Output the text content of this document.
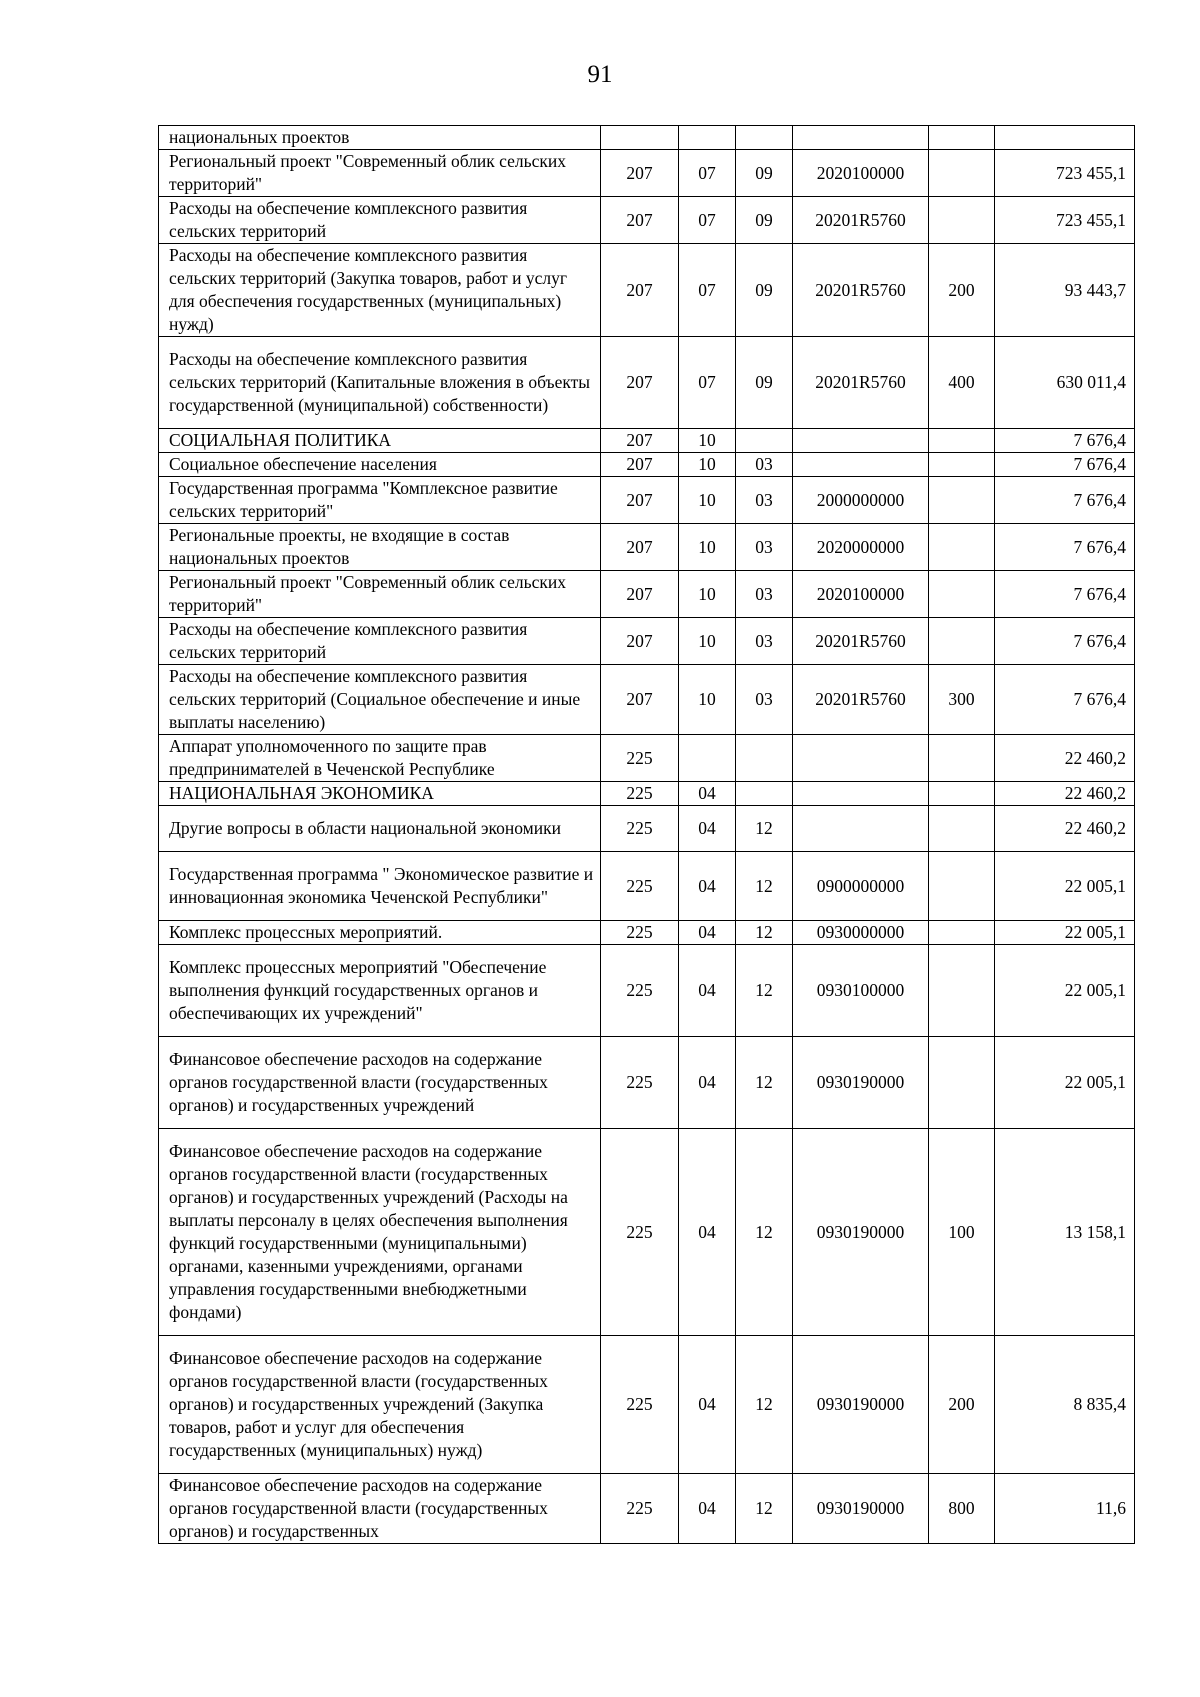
91
национальных проектов						
Региональный проект "Современный облик сельских территорий"	207	07	09	2020100000		723 455,1
Расходы на обеспечение комплексного развития сельских территорий	207	07	09	20201R5760		723 455,1
Расходы на обеспечение комплексного развития сельских территорий (Закупка товаров, работ и услуг для обеспечения государственных (муниципальных) нужд)	207	07	09	20201R5760	200	93 443,7
Расходы на обеспечение комплексного развития сельских территорий (Капитальные вложения в объекты государственной (муниципальной) собственности)	207	07	09	20201R5760	400	630 011,4
СОЦИАЛЬНАЯ ПОЛИТИКА	207	10				7 676,4
Социальное обеспечение населения	207	10	03			7 676,4
Государственная программа "Комплексное развитие сельских территорий"	207	10	03	2000000000		7 676,4
Региональные проекты, не входящие в состав национальных проектов	207	10	03	2020000000		7 676,4
Региональный проект "Современный облик сельских территорий"	207	10	03	2020100000		7 676,4
Расходы на обеспечение комплексного развития сельских территорий	207	10	03	20201R5760		7 676,4
Расходы на обеспечение комплексного развития сельских территорий (Социальное обеспечение и иные выплаты населению)	207	10	03	20201R5760	300	7 676,4
Аппарат уполномоченного по защите прав предпринимателей в Чеченской Республике	225					22 460,2
НАЦИОНАЛЬНАЯ ЭКОНОМИКА	225	04				22 460,2
Другие вопросы в области национальной экономики	225	04	12			22 460,2
Государственная программа " Экономическое развитие и инновационная экономика Чеченской Республики"	225	04	12	0900000000		22 005,1
Комплекс процессных мероприятий.	225	04	12	0930000000		22 005,1
Комплекс процессных мероприятий "Обеспечение выполнения функций государственных органов и обеспечивающих их учреждений"	225	04	12	0930100000		22 005,1
Финансовое обеспечение расходов на содержание органов государственной власти (государственных органов) и государственных учреждений	225	04	12	0930190000		22 005,1
Финансовое обеспечение расходов на содержание органов государственной власти (государственных органов) и государственных учреждений (Расходы на выплаты персоналу в целях обеспечения выполнения функций государственными (муниципальными) органами, казенными учреждениями, органами управления государственными внебюджетными фондами)	225	04	12	0930190000	100	13 158,1
Финансовое обеспечение расходов на содержание органов государственной власти (государственных органов) и государственных учреждений (Закупка товаров, работ и услуг для обеспечения государственных (муниципальных) нужд)	225	04	12	0930190000	200	8 835,4
Финансовое обеспечение расходов на содержание органов государственной власти (государственных органов) и государственных	225	04	12	0930190000	800	11,6
